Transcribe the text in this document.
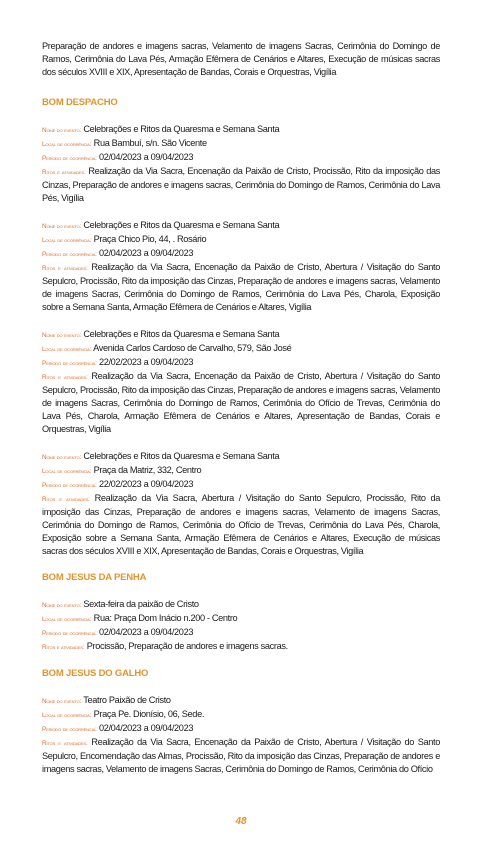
Preparação de andores e imagens sacras, Velamento de imagens Sacras, Cerimônia do Domingo de Ramos, Cerimônia do Lava Pés, Armação Efêmera de Cenários e Altares, Execução de músicas sacras dos séculos XVIII e XIX, Apresentação de Bandas, Corais e Orquestras, Vigília

BOM DESPACHO

Nome do evento: Celebrações e Ritos da Quaresma e Semana Santa

Local de ocorrência: Rua Bambuí, s/n. São Vicente

Período de ocorrência: 02/04/2023 a 09/04/2023

Ritos e atividades: Realização da Via Sacra, Encenação da Paixão de Cristo, Procissão, Rito da imposição das Cinzas, Preparação de andores e imagens sacras, Cerimônia do Domingo de Ramos, Cerimônia do Lava Pés, Vigília

Nome do evento: Celebrações e Ritos da Quaresma e Semana Santa

Local de ocorrência: Praça Chico Pio, 44, . Rosário

Período de ocorrência: 02/04/2023 a 09/04/2023

Ritos e atividades: Realização da Via Sacra, Encenação da Paixão de Cristo, Abertura / Visitação do Santo Sepulcro, Procissão, Rito da imposição das Cinzas, Preparação de andores e imagens sacras, Velamento de imagens Sacras, Cerimônia do Domingo de Ramos, Cerimônia do Lava Pés, Charola, Exposição sobre a Semana Santa, Armação Efêmera de Cenários e Altares, Vigília

Nome do evento: Celebrações e Ritos da Quaresma e Semana Santa

Local de ocorrência: Avenida Carlos Cardoso de Carvalho, 579, São José

Período de ocorrência: 22/02/2023 a 09/04/2023

Ritos e atividades: Realização da Via Sacra, Encenação da Paixão de Cristo, Abertura / Visitação do Santo Sepulcro, Procissão, Rito da imposição das Cinzas, Preparação de andores e imagens sacras, Velamento de imagens Sacras, Cerimônia do Domingo de Ramos, Cerimônia do Ofício de Trevas, Cerimônia do Lava Pés, Charola, Armação Efêmera de Cenários e Altares, Apresentação de Bandas, Corais e Orquestras, Vigília

Nome do evento: Celebrações e Ritos da Quaresma e Semana Santa

Local de ocorrência: Praça da Matriz, 332, Centro

Período de ocorrência: 22/02/2023 a 09/04/2023

Ritos e atividades: Realização da Via Sacra, Abertura / Visitação do Santo Sepulcro, Procissão, Rito da imposição das Cinzas, Preparação de andores e imagens sacras, Velamento de imagens Sacras, Cerimônia do Domingo de Ramos, Cerimônia do Ofício de Trevas, Cerimônia do Lava Pés, Charola, Exposição sobre a Semana Santa, Armação Efêmera de Cenários e Altares, Execução de músicas sacras dos séculos XVIII e XIX, Apresentação de Bandas, Corais e Orquestras, Vigília

BOM JESUS DA PENHA

Nome do evento: Sexta-feira da paixão de Cristo

Local de ocorrência: Rua: Praça Dom Inácio n.200 - Centro

Período de ocorrência: 02/04/2023 a 09/04/2023

Ritos e atividades: Procissão, Preparação de andores e imagens sacras.

BOM JESUS DO GALHO

Nome do evento: Teatro Paixão de Cristo

Local de ocorrência: Praça Pe. Dionísio, 06, Sede.

Período de ocorrência: 02/04/2023 a 09/04/2023

Ritos e atividades: Realização da Via Sacra, Encenação da Paixão de Cristo, Abertura / Visitação do Santo Sepulcro, Encomendação das Almas, Procissão, Rito da imposição das Cinzas, Preparação de andores e imagens sacras, Velamento de imagens Sacras, Cerimônia do Domingo de Ramos, Cerimônia do Ofício

48
